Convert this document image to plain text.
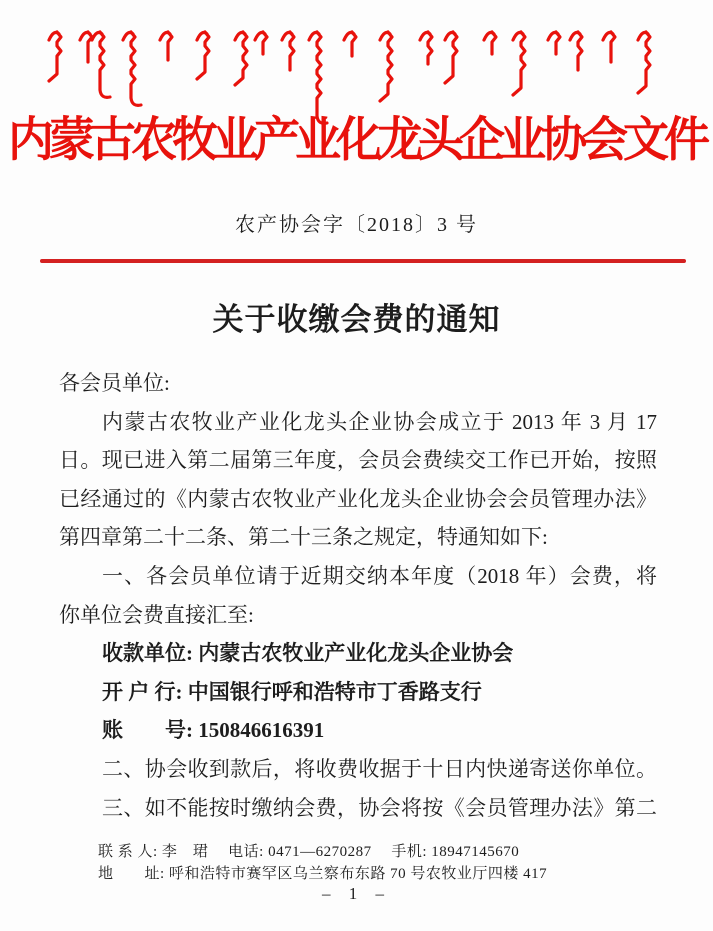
内蒙古农牧业产业化龙头企业协会文件
农产协会字〔2018〕3 号
关于收缴会费的通知
各会员单位:
内蒙古农牧业产业化龙头企业协会成立于 2013 年 3 月 17
日。现已进入第二届第三年度，会员会费续交工作已开始，按照
已经通过的《内蒙古农牧业产业化龙头企业协会会员管理办法》
第四章第二十二条、第二十三条之规定，特通知如下:
一、各会员单位请于近期交纳本年度（2018 年）会费，将
你单位会费直接汇至:
收款单位: 内蒙古农牧业产业化龙头企业协会
开 户 行: 中国银行呼和浩特市丁香路支行
账　　号: 150846616391
二、协会收到款后，将收费收据于十日内快递寄送你单位。
三、如不能按时缴纳会费，协会将按《会员管理办法》第二
联 系 人: 李　珺　 电话: 0471—6270287　 手机: 18947145670
地　　址: 呼和浩特市赛罕区乌兰察布东路 70 号农牧业厅四楼 417
– 1 –
